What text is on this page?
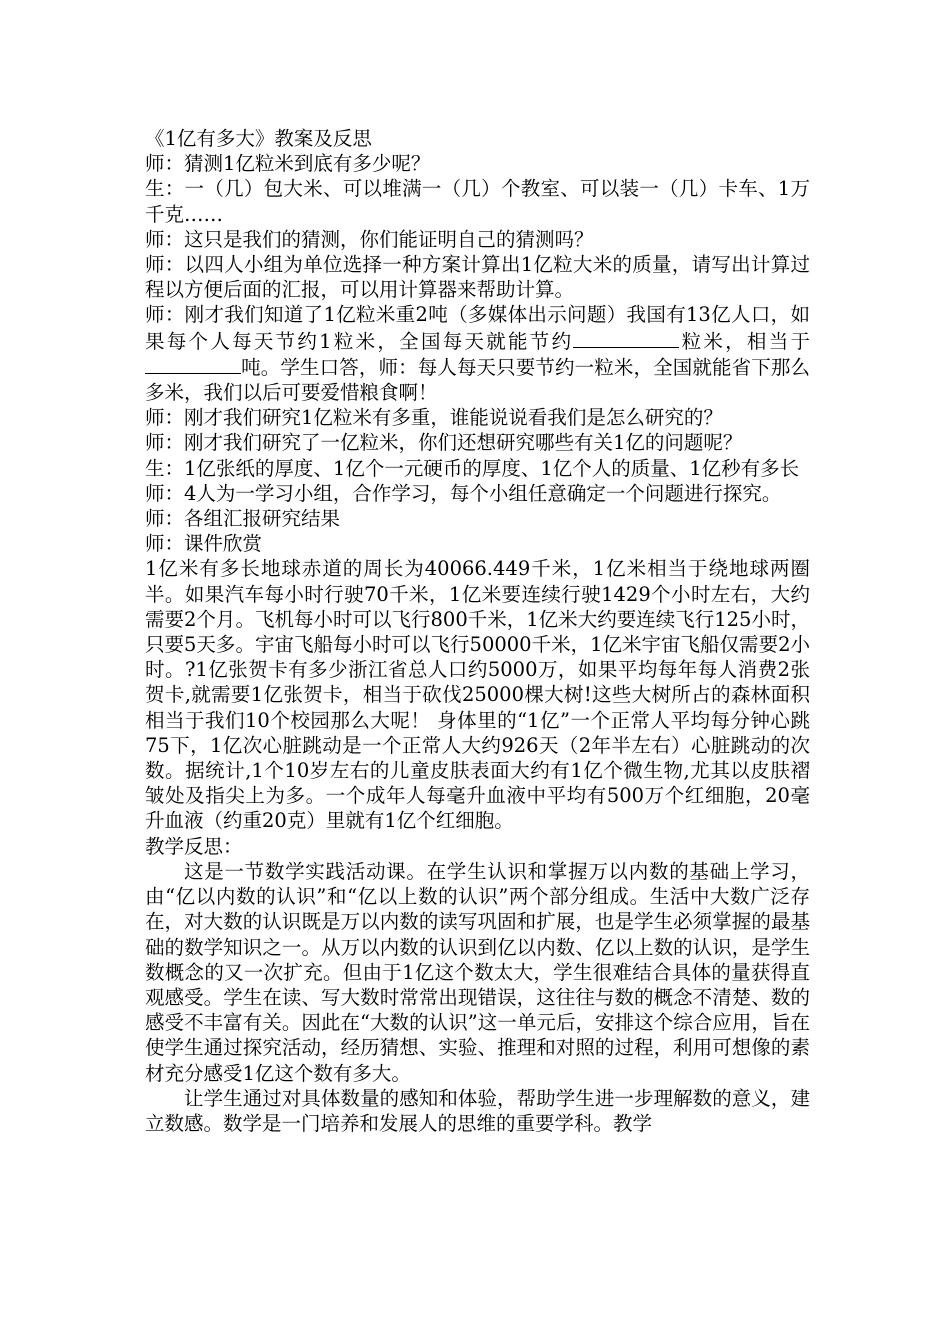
《1亿有多大》教案及反思

师：猜测1亿粒米到底有多少呢？

生：一（几）包大米、可以堆满一（几）个教室、可以装一（几）卡车、1万千克……

师：这只是我们的猜测，你们能证明自己的猜测吗？

师：以四人小组为单位选择一种方案计算出1亿粒大米的质量，请写出计算过程以方便后面的汇报，可以用计算器来帮助计算。

师：刚才我们知道了1亿粒米重2吨（多媒体出示问题）我国有13亿人口，如果每个人每天节约1粒米，全国每天就能节约	粒米，相当于吨。学生口答，师：每人每天只要节约一粒米，全国就能省下那么多米，我们以后可要爱惜粮食啊！

师：刚才我们研究1亿粒米有多重，谁能说说看我们是怎么研究的？

师：刚才我们研究了一亿粒米，你们还想研究哪些有关1亿的问题呢？

生：1亿张纸的厚度、1亿个一元硬币的厚度、1亿个人的质量、1亿秒有多长

师：4人为一学习小组，合作学习，每个小组任意确定一个问题进行探究。

师：各组汇报研究结果

师：课件欣赏

1亿米有多长地球赤道的周长为40066.449千米，1亿米相当于绕地球两圈半。如果汽车每小时行驶70千米，1亿米要连续行驶1429个小时左右，大约需要2个月。飞机每小时可以飞行800千米，1亿米大约要连续飞行125小时， 只要5天多。宇宙飞船每小时可以飞行50000千米，1亿米宇宙飞船仅需要2小时。?1亿张贺卡有多少浙江省总人口约5000万，如果平均每年每人消费2张贺卡,就需要1亿张贺卡，相当于砍伐25000棵大树!这些大树所占的森林面积相当于我们10个校园那么大呢！ 身体里的“1亿”一个正常人平均每分钟心跳75下，1亿次心脏跳动是一个正常人大约926天（2年半左右）心脏跳动的次数。据统计,1个10岁左右的儿童皮肤表面大约有1亿个微生物,尤其以皮肤褶皱处及指尖上为多。一个成年人每毫升血液中平均有500万个红细胞，20毫升血液（约重20克）里就有1亿个红细胞。

教学反思：

这是一节数学实践活动课。在学生认识和掌握万以内数的基础上学习，由“亿以内数的认识”和“亿以上数的认识”两个部分组成。生活中大数广泛存在，对大数的认识既是万以内数的读写巩固和扩展，也是学生必须掌握的最基础的数学知识之一。从万以内数的认识到亿以内数、亿以上数的认识，是学生数概念的又一次扩充。但由于1亿这个数太大，学生很难结合具体的量获得直观感受。学生在读、写大数时常常出现错误，这往往与数的概念不清楚、数的感受不丰富有关。因此在“大数的认识”这一单元后，安排这个综合应用，旨在使学生通过探究活动，经历猜想、实验、推理和对照的过程，利用可想像的素材充分感受1亿这个数有多大。

让学生通过对具体数量的感知和体验，帮助学生进一步理解数的意义，建立数感。数学是一门培养和发展人的思维的重要学科。教学
